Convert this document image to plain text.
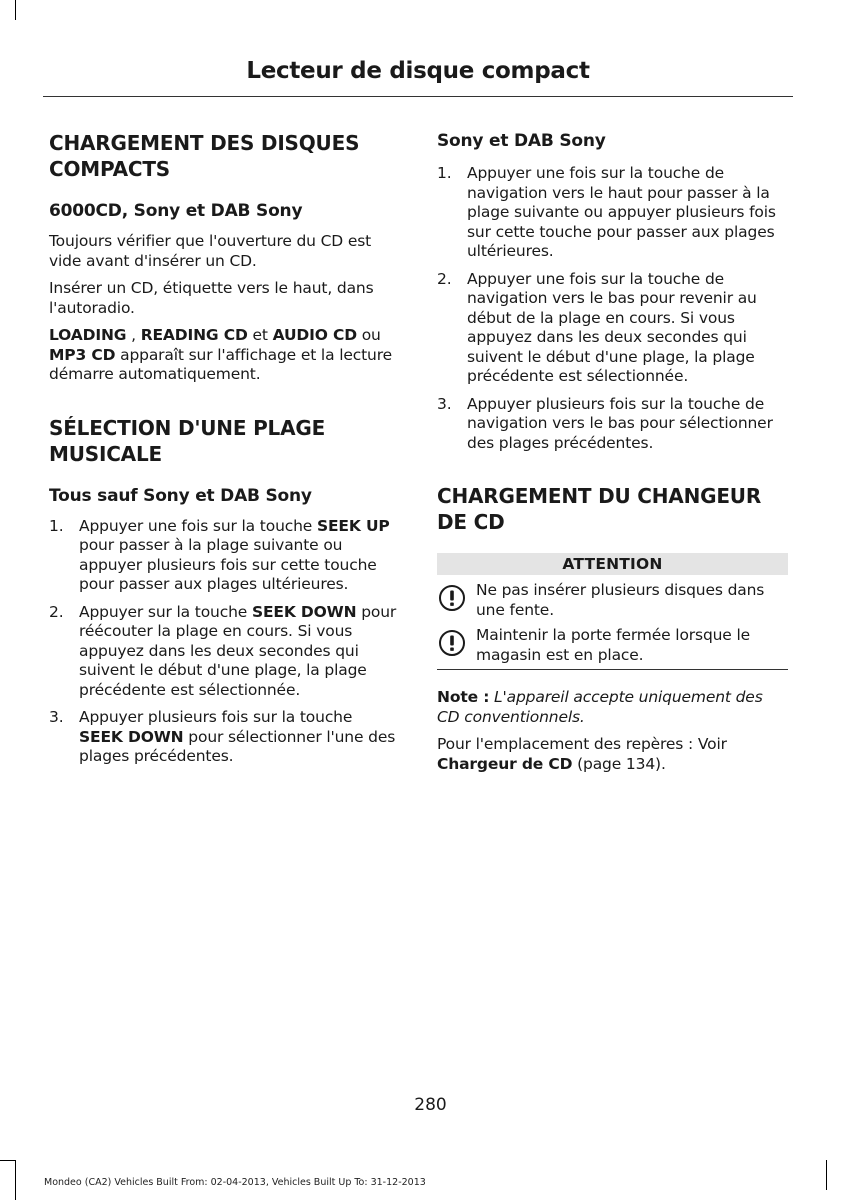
Lecteur de disque compact
CHARGEMENT DES DISQUES COMPACTS
6000CD, Sony et DAB Sony

Toujours vérifier que l'ouverture du CD est vide avant d'insérer un CD.

Insérer un CD, étiquette vers le haut, dans l'autoradio.

LOADING , READING CD et AUDIO CD ou MP3 CD apparaît sur l'affichage et la lecture démarre automatiquement.

SÉLECTION D'UNE PLAGE MUSICALE
Tous sauf Sony et DAB Sony
1. Appuyer une fois sur la touche SEEK UP pour passer à la plage suivante ou appuyer plusieurs fois sur cette touche pour passer aux plages ultérieures.
2. Appuyer sur la touche SEEK DOWN pour réécouter la plage en cours. Si vous appuyez dans les deux secondes qui suivent le début d'une plage, la plage précédente est sélectionnée.
3. Appuyer plusieurs fois sur la touche SEEK DOWN pour sélectionner l'une des plages précédentes.
Sony et DAB Sony
1. Appuyer une fois sur la touche de navigation vers le haut pour passer à la plage suivante ou appuyer plusieurs fois sur cette touche pour passer aux plages ultérieures.
2. Appuyer une fois sur la touche de navigation vers le bas pour revenir au début de la plage en cours. Si vous appuyez dans les deux secondes qui suivent le début d'une plage, la plage précédente est sélectionnée.
3. Appuyer plusieurs fois sur la touche de navigation vers le bas pour sélectionner des plages précédentes.
CHARGEMENT DU CHANGEUR DE CD
ATTENTION
Ne pas insérer plusieurs disques dans une fente.
Maintenir la porte fermée lorsque le magasin est en place.

Note : L'appareil accepte uniquement des CD conventionnels.

Pour l'emplacement des repères : Voir Chargeur de CD (page 134).

280
Mondeo (CA2) Vehicles Built From: 02-04-2013, Vehicles Built Up To: 31-12-2013
